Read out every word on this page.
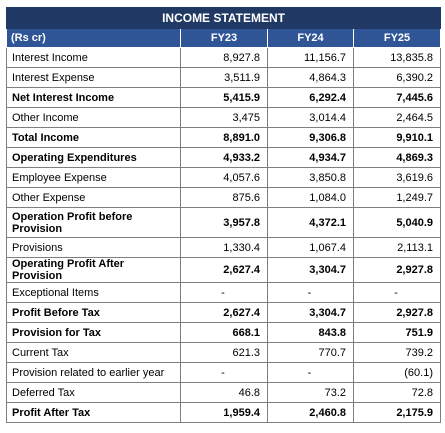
INCOME STATEMENT			
(Rs cr)	FY23	FY24	FY25
Interest Income	8,927.8	11,156.7	13,835.8
Interest Expense	3,511.9	4,864.3	6,390.2
Net Interest Income	5,415.9	6,292.4	7,445.6
Other Income	3,475	3,014.4	2,464.5
Total Income	8,891.0	9,306.8	9,910.1
Operating Expenditures	4,933.2	4,934.7	4,869.3
Employee Expense	4,057.6	3,850.8	3,619.6
Other Expense	875.6	1,084.0	1,249.7
Operation Profit before Provision	3,957.8	4,372.1	5,040.9
Provisions	1,330.4	1,067.4	2,113.1
Operating Profit After Provision	2,627.4	3,304.7	2,927.8
Exceptional Items	-	-	-
Profit Before Tax	2,627.4	3,304.7	2,927.8
Provision for Tax	668.1	843.8	751.9
Current Tax	621.3	770.7	739.2
Provision related to earlier year	-	-	(60.1)
Deferred Tax	46.8	73.2	72.8
Profit After Tax	1,959.4	2,460.8	2,175.9
